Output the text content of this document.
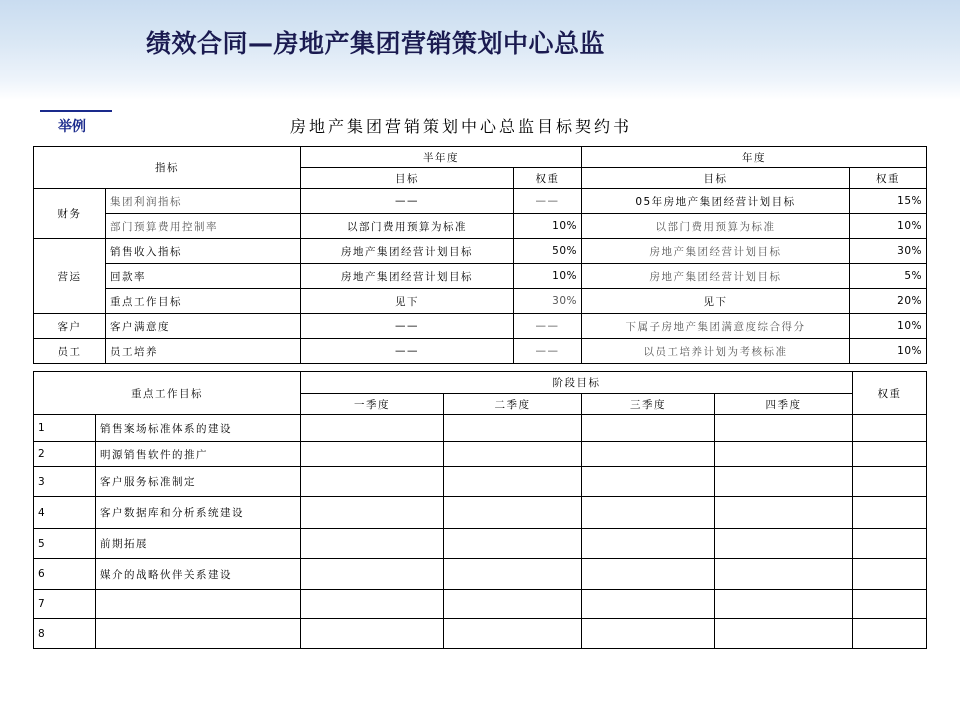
绩效合同—房地产集团营销策划中心总监
举例	房地产集团营销策划中心总监目标契约书
指标		半年度		年度	
		目标	权重	目标	权重
财务	集团利润指标	——	——	05年房地产集团经营计划目标	15%
	部门预算费用控制率	以部门费用预算为标准	10%	以部门费用预算为标准	10%
营运	销售收入指标	房地产集团经营计划目标	50%	房地产集团经营计划目标	30%
	回款率	房地产集团经营计划目标	10%	房地产集团经营计划目标	5%
	重点工作目标	见下	30%	见下	20%
客户	客户满意度	——	——	下属子房地产集团满意度综合得分	10%
员工	员工培养	——	——	以员工培养计划为考核标准	10%
重点工作目标		阶段目标				权重
		一季度	二季度	三季度	四季度	
1	销售案场标准体系的建设					
2	明源销售软件的推广					
3	客户服务标准制定					
4	客户数据库和分析系统建设					
5	前期拓展					
6	媒介的战略伙伴关系建设					
7						
8						
